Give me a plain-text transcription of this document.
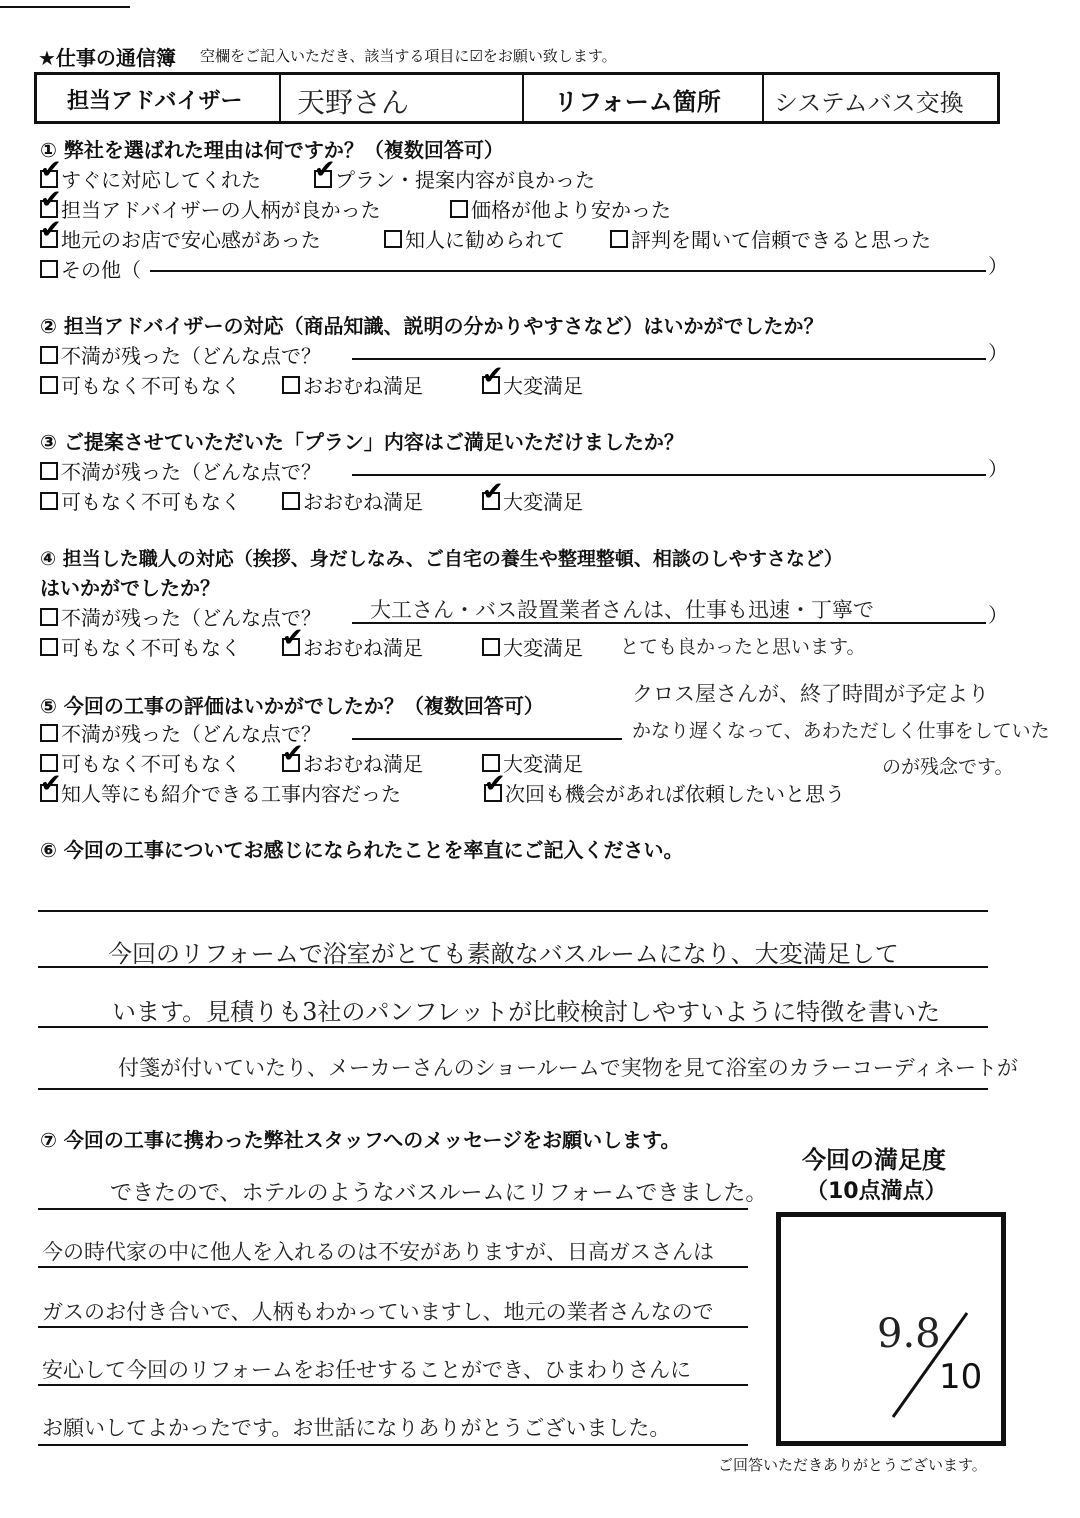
★仕事の通信簿 空欄をご記入いただき、該当する項目に☑をお願い致します。
担当アドバイザー 天野さん	リフォーム箇所 システムバス交換
① 弊社を選ばれた理由は何ですか？（複数回答可）
✔すぐに対応してくれた ✔	プラン・提案内容が良かった
✔担当アドバイザーの人柄が良かった	価格が他より安かった
✔地元のお店で安心感があった	知人に勧められて	評判を聞いて信頼できると思った
その他（	）
② 担当アドバイザーの対応（商品知識、説明の分かりやすさなど）はいかがでしたか？
不満が残った（どんな点で？	）
可もなく不可もなく	おおむね満足 ✔	大変満足
③ ご提案させていただいた「プラン」内容はご満足いただけましたか？
不満が残った（どんな点で？	）
可もなく不可もなく	おおむね満足 ✔	大変満足
④ 担当した職人の対応（挨拶、身だしなみ、ご自宅の養生や整理整頓、相談のしやすさなど）
はいかがでしたか？
不満が残った（どんな点で？ 大工さん・バス設置業者さんは、仕事も迅速・丁寧で	）
可もなく不可もなく ✔	おおむね満足	大変満足 とても良かったと思います。
⑤ 今回の工事の評価はいかがでしたか？（複数回答可）	クロス屋さんが、終了時間が予定より
不満が残った（どんな点で？	かなり遅くなって、あわただしく仕事をしていた
可もなく不可もなく ✔	おおむね満足	大変満足	のが残念です。
✔知人等にも紹介できる工事内容だった ✔	次回も機会があれば依頼したいと思う
⑥ 今回の工事についてお感じになられたことを率直にご記入ください。
今回のリフォームで浴室がとても素敵なバスルームになり、大変満足して
います。見積りも3社のパンフレットが比較検討しやすいように特徴を書いた
付箋が付いていたり、メーカーさんのショールームで実物を見て浴室のカラーコーディネートが
⑦ 今回の工事に携わった弊社スタッフへのメッセージをお願いします。
できたので、ホテルのようなバスルームにリフォームできました。
今の時代家の中に他人を入れるのは不安がありますが、日高ガスさんは
ガスのお付き合いで、人柄もわかっていますし、地元の業者さんなので
安心して今回のリフォームをお任せすることができ、ひまわりさんに
お願いしてよかったです。お世話になりありがとうございました。
今回の満足度
（10点満点）
9.8
10
ご回答いただきありがとうございます。
